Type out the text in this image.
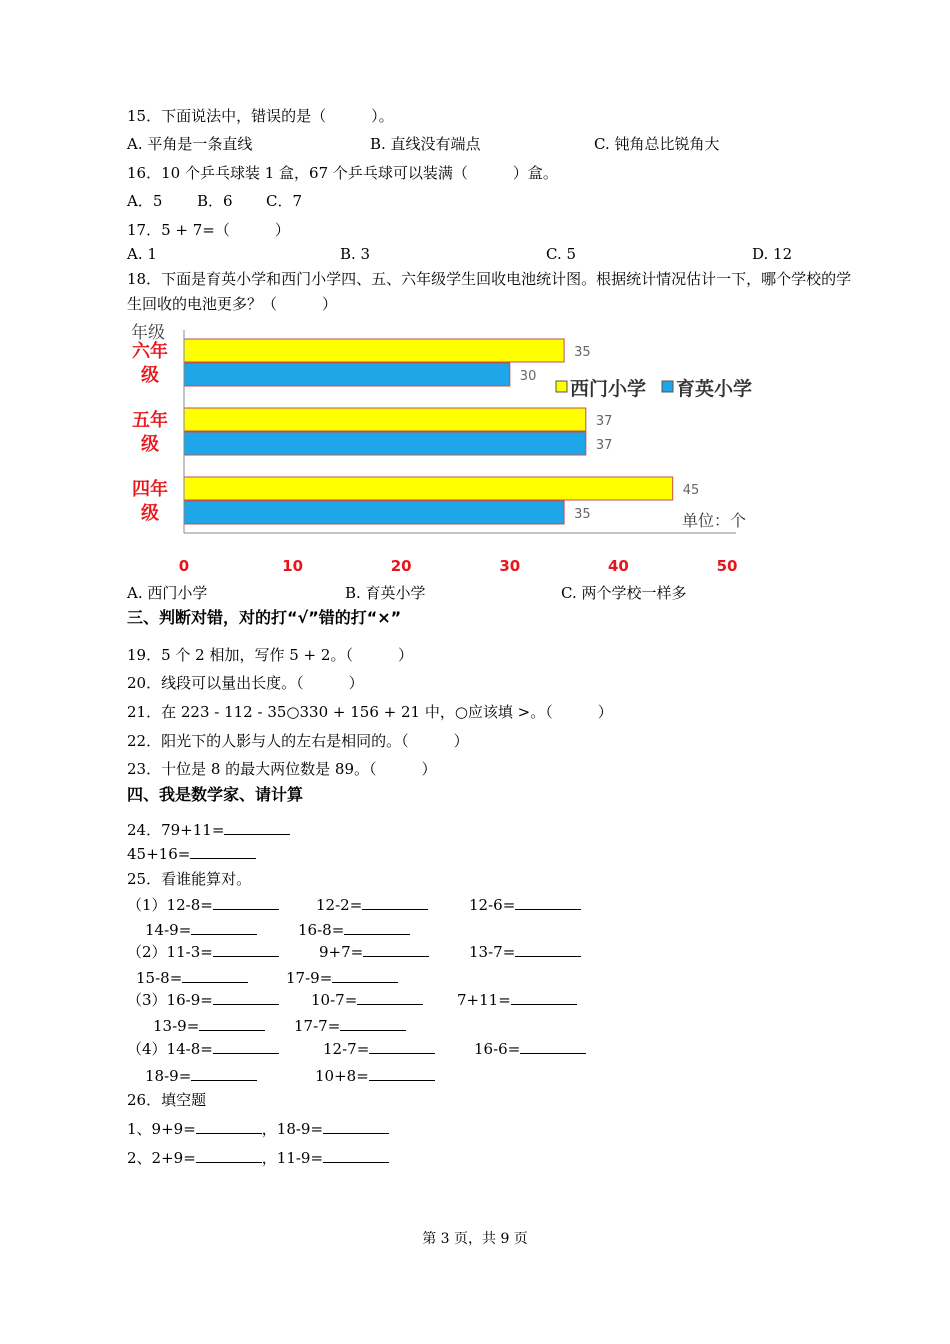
15．下面说法中，错误的是（　　　）。
A. 平角是一条直线	B. 直线没有端点	C. 钝角总比锐角大
16．10 个乒乓球装 1 盒，67 个乒乓球可以装满（　　　）盒。
A．5 B．6 C．7
17．5 + 7=（　　　）
A. 1	B. 3	C. 5	D. 12
18．下面是育英小学和西门小学四、五、六年级学生回收电池统计图。根据统计情况估计一下，哪个学校的学
生回收的电池更多？（　　　）
年级
六年
级
35
30
五年
级
37
37
四年
级
45
35
0	10	20	30	40	50
西门小学 育英小学
单位：个
A. 西门小学	B. 育英小学	C. 两个学校一样多
三、判断对错，对的打“√”错的打“×”
19．5 个 2 相加，写作 5 + 2。（　　　）
20．线段可以量出长度。（　　　）
21．在 223 - 112 - 35○330 + 156 + 21 中，○应该填 >。（　　　）
22．阳光下的人影与人的左右是相同的。（　　　）
23．十位是 8 的最大两位数是 89。（　　　）
四、我是数学家、请计算
24．79+11=
45+16=
25．看谁能算对。
（1）12-8=	12-2=	12-6=
14-9=	16-8=
（2）11-3=	9+7=	13-7=
15-8=	17-9=
（3）16-9=	10-7=	7+11=
13-9=	17-7=
（4）14-8=	12-7=	16-6=
18-9=	10+8=
26．填空题
1、9+9=	，18-9=
2、2+9=	，11-9=
第 3 页，共 9 页
